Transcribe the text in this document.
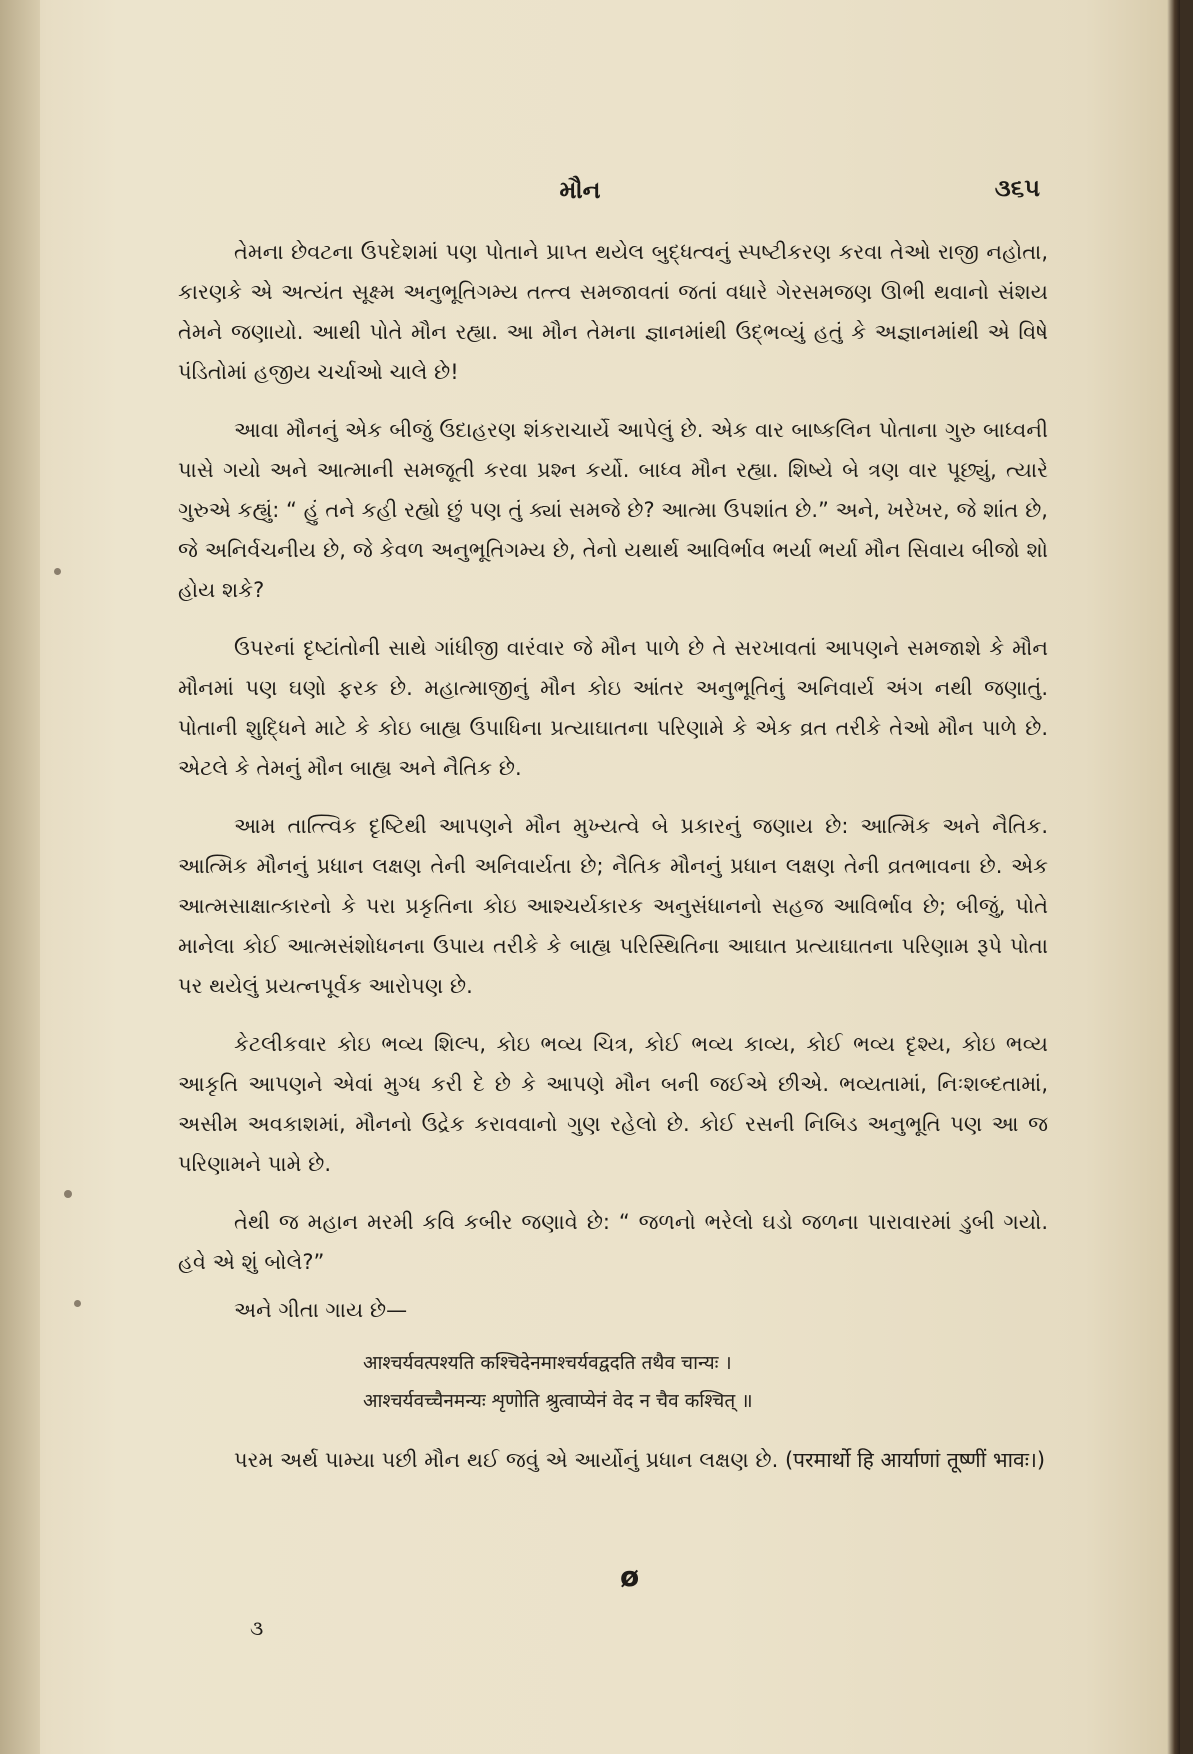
મૌન	૩૬૫

તેમના છેવટના ઉપદેશમાં પણ પોતાને પ્રાપ્ત થયેલ બુદ્ધત્વનું સ્પષ્ટીકરણ કરવા તેઓ રાજી નહોતા, કારણકે એ અત્યંત સૂક્ષ્મ અનુભૂતિગમ્ય તત્ત્વ સમજાવતાં જતાં વધારે ગેરસમજણ ઊભી થવાનો સંશય તેમને જણાયો. આથી પોતે મૌન રહ્યા. આ મૌન તેમના જ્ઞાનમાંથી ઉદ્ભવ્યું હતું કે અજ્ઞાનમાંથી એ વિષે પંડિતોમાં હજીય ચર્ચાઓ ચાલે છે!

આવા મૌનનું એક બીજું ઉદાહરણ શંકરાચાર્યે આપેલું છે. એક વાર બાષ્કલિન પોતાના ગુરુ બાધ્વની પાસે ગયો અને આત્માની સમજૂતી કરવા પ્રશ્ન કર્યો. બાધ્વ મૌન રહ્યા. શિષ્યે બે ત્રણ વાર પૂછ્યું, ત્યારે ગુરુએ કહ્યું: “ હું તને કહી રહ્યો છું પણ તું ક્યાં સમજે છે? આત્મા ઉપશાંત છે.” અને, ખરેખર, જે શાંત છે, જે અનિર્વચનીય છે, જે કેવળ અનુભૂતિગમ્ય છે, તેનો યથાર્થ આવિર્ભાવ ભર્યા ભર્યા મૌન સિવાય બીજો શો હોય શકે?

ઉપરનાં દૃષ્ટાંતોની સાથે ગાંધીજી વારંવાર જે મૌન પાળે છે તે સરખાવતાં આપણને સમજાશે કે મૌન મૌનમાં પણ ઘણો ફરક છે. મહાત્માજીનું મૌન કોઇ આંતર અનુભૂતિનું અનિવાર્ય અંગ નથી જણાતું. પોતાની શુદ્ધિને માટે કે કોઇ બાહ્ય ઉપાધિના પ્રત્યાઘાતના પરિણામે કે એક વ્રત તરીકે તેઓ મૌન પાળે છે. એટલે કે તેમનું મૌન બાહ્ય અને નૈતિક છે.

આમ તાત્ત્વિક દૃષ્ટિથી આપણને મૌન મુખ્યત્વે બે પ્રકારનું જણાય છે: આત્મિક અને નૈતિક. આત્મિક મૌનનું પ્રધાન લક્ષણ તેની અનિવાર્યતા છે; નૈતિક મૌનનું પ્રધાન લક્ષણ તેની વ્રતભાવના છે. એક આત્મસાક્ષાત્કારનો કે પરા પ્રકૃતિના કોઇ આશ્ચર્યકારક અનુસંધાનનો સહજ આવિર્ભાવ છે; બીજું, પોતે માનેલા કોઈ આત્મસંશોધનના ઉપાય તરીકે કે બાહ્ય પરિસ્થિતિના આઘાત પ્રત્યાઘાતના પરિણામ રૂપે પોતા પર થયેલું પ્રયત્નપૂર્વક આરોપણ છે.

કેટલીકવાર કોઇ ભવ્ય શિલ્પ, કોઇ ભવ્ય ચિત્ર, કોઈ ભવ્ય કાવ્ય, કોઈ ભવ્ય દૃશ્ય, કોઇ ભવ્ય આકૃતિ આપણને એવાં મુગ્ધ કરી દે છે કે આપણે મૌન બની જઈએ છીએ. ભવ્યતામાં, નિઃશબ્દતામાં, અસીમ અવકાશમાં, મૌનનો ઉદ્રેક કરાવવાનો ગુણ રહેલો છે. કોઈ રસની નિબિડ અનુભૂતિ પણ આ જ પરિણામને પામે છે.

તેથી જ મહાન મરમી કવિ કબીર જણાવે છે: “ જળનો ભરેલો ઘડો જળના પારાવારમાં ડુબી ગયો. હવે એ શું બોલે?”

અને ગીતા ગાય છે—

आश्चर्यवत्पश्यति कश्चिदेनमाश्चर्यवद्वदति तथैव चान्यः ।
आश्चर्यवच्चैनमन्यः शृणोति श्रुत्वाप्येनं वेद न चैव कश्चित् ॥

પરમ અર્થ પામ્યા પછી મૌન થઈ જવું એ આર્યોનું પ્રધાન લક્ષણ છે. (परमार्थो हि आर्याणां तूष्णीं भावः।)

ø
૩
